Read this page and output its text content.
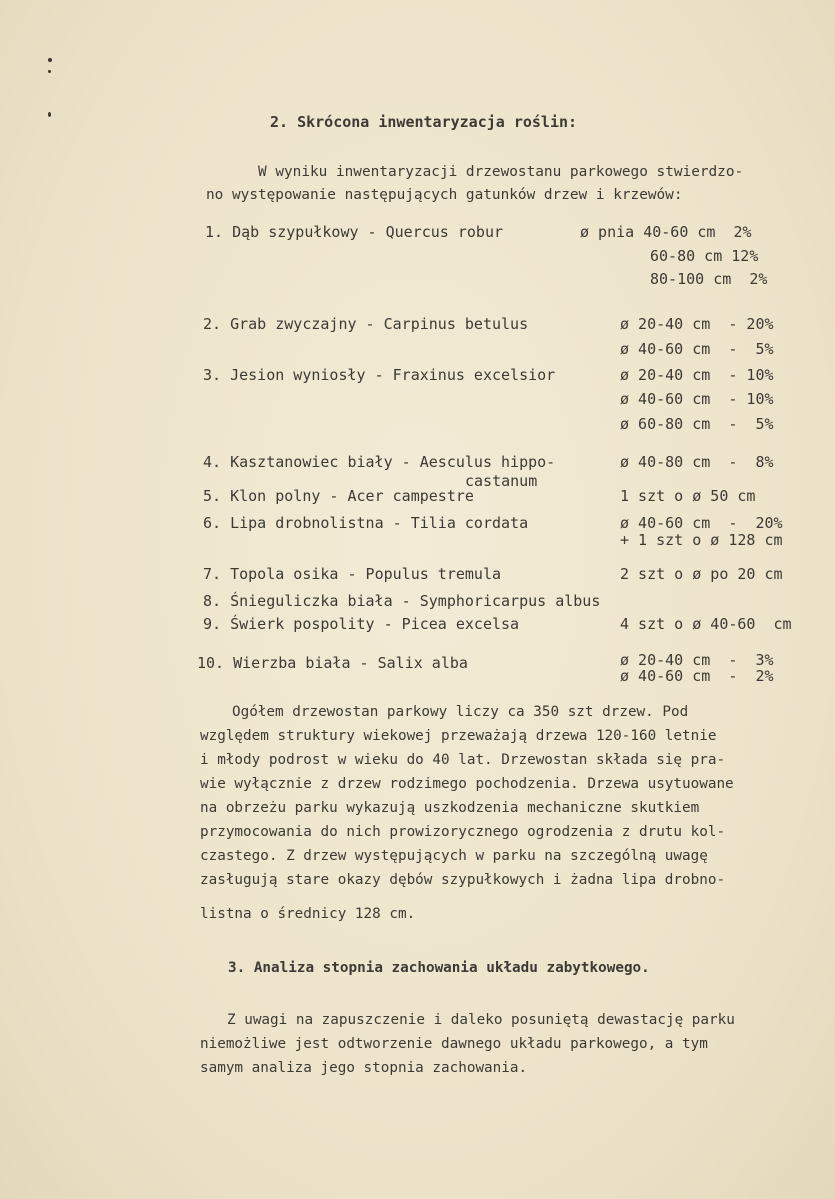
2. Skrócona inwentaryzacja roślin:
W wyniku inwentaryzacji drzewostanu parkowego stwierdzo-
no występowanie następujących gatunków drzew i krzewów:
1. Dąb szypułkowy - Quercus robur	ø pnia 40-60 cm  2%
60-80 cm 12%
80-100 cm  2%
2. Grab zwyczajny - Carpinus betulus	ø 20-40 cm  - 20%
ø 40-60 cm  -  5%
3. Jesion wyniosły - Fraxinus excelsior	ø 20-40 cm  - 10%
ø 40-60 cm  - 10%
ø 60-80 cm  -  5%
4. Kasztanowiec biały - Aesculus hippo-
castanum
ø 40-80 cm  -  8%
5. Klon polny - Acer campestre	1 szt o ø 50 cm
6. Lipa drobnolistna - Tilia cordata	ø 40-60 cm  -  20%
+ 1 szt o ø 128 cm
7. Topola osika - Populus tremula	2 szt o ø po 20 cm
8. Śnieguliczka biała - Symphoricarpus albus
9. Świerk pospolity - Picea excelsa	4 szt o ø 40-60  cm
10. Wierzba biała - Salix alba	ø 20-40 cm  -  3%
ø 40-60 cm  -  2%
Ogółem drzewostan parkowy liczy ca 350 szt drzew. Pod
względem struktury wiekowej przeważają drzewa 120-160 letnie
i młody podrost w wieku do 40 lat. Drzewostan składa się pra-
wie wyłącznie z drzew rodzimego pochodzenia. Drzewa usytuowane
na obrzeżu parku wykazują uszkodzenia mechaniczne skutkiem
przymocowania do nich prowizorycznego ogrodzenia z drutu kol-
czastego. Z drzew występujących w parku na szczególną uwagę
zasługują stare okazy dębów szypułkowych i żadna lipa drobno-
listna o średnicy 128 cm.
3. Analiza stopnia zachowania układu zabytkowego.
Z uwagi na zapuszczenie i daleko posuniętą dewastację parku
niemożliwe jest odtworzenie dawnego układu parkowego, a tym
samym analiza jego stopnia zachowania.
